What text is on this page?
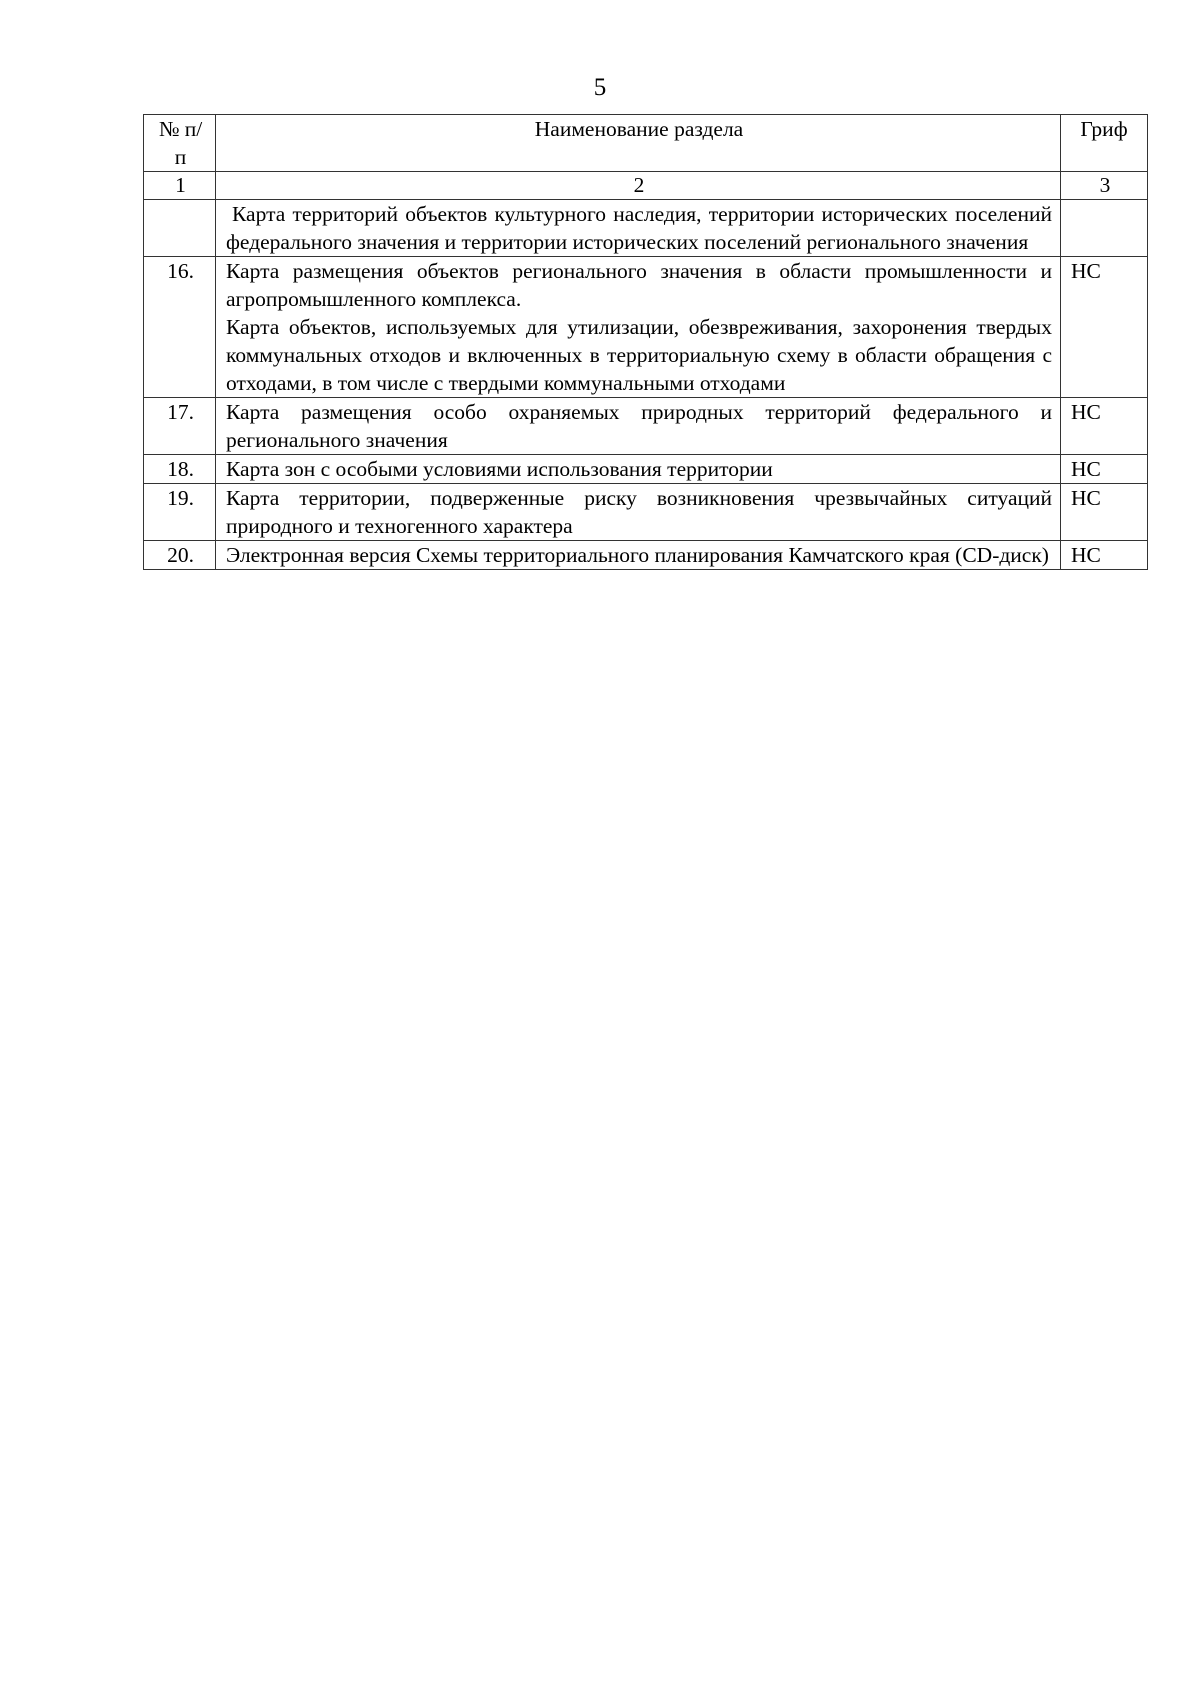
5
№ п/п	Наименование раздела	Гриф
1	2	3

	Карта территорий объектов культурного наследия, территории исторических поселений федерального значения и территории исторических поселений регионального значения	

16.	Карта размещения объектов регионального значения в области промышленности и агропромышленного комплекса.
Карта объектов, используемых для утилизации, обезвреживания, захоронения твердых коммунальных отходов и включенных в территориальную схему в области обращения с отходами, в том числе с твердыми коммунальными отходами	НС
17.	Карта размещения особо охраняемых природных территорий федерального и регионального значения	НС
18.	Карта зон с особыми условиями использования территории	НС
19.	Карта территории, подверженные риску возникновения чрезвычайных ситуаций природного и техногенного характера	НС
20.	Электронная версия Схемы территориального планирования Камчатского края (CD-диск)	НС
